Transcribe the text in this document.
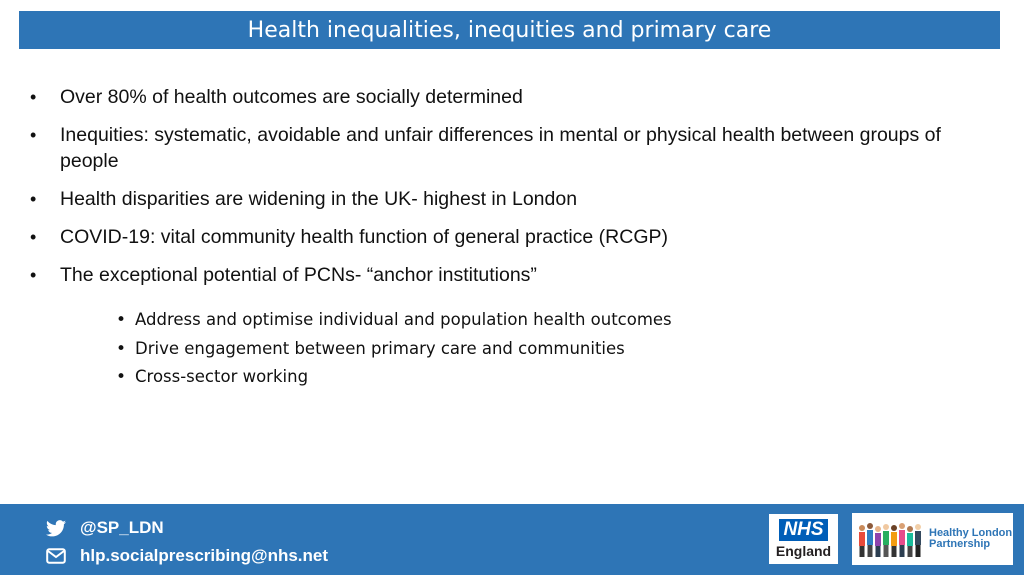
Health inequalities, inequities and primary care
• Over 80% of health outcomes are socially determined
• Inequities: systematic, avoidable and unfair differences in mental or physical health between groups of people
• Health disparities are widening in the UK- highest in London
• COVID-19: vital community health function of general practice (RCGP)
• The exceptional potential of PCNs- “anchor institutions”
• Address and optimise individual and population health outcomes
• Drive engagement between primary care and communities
• Cross-sector working
@SP_LDN
hlp.socialprescribing@nhs.net
NHS
England
Healthy London
Partnership
